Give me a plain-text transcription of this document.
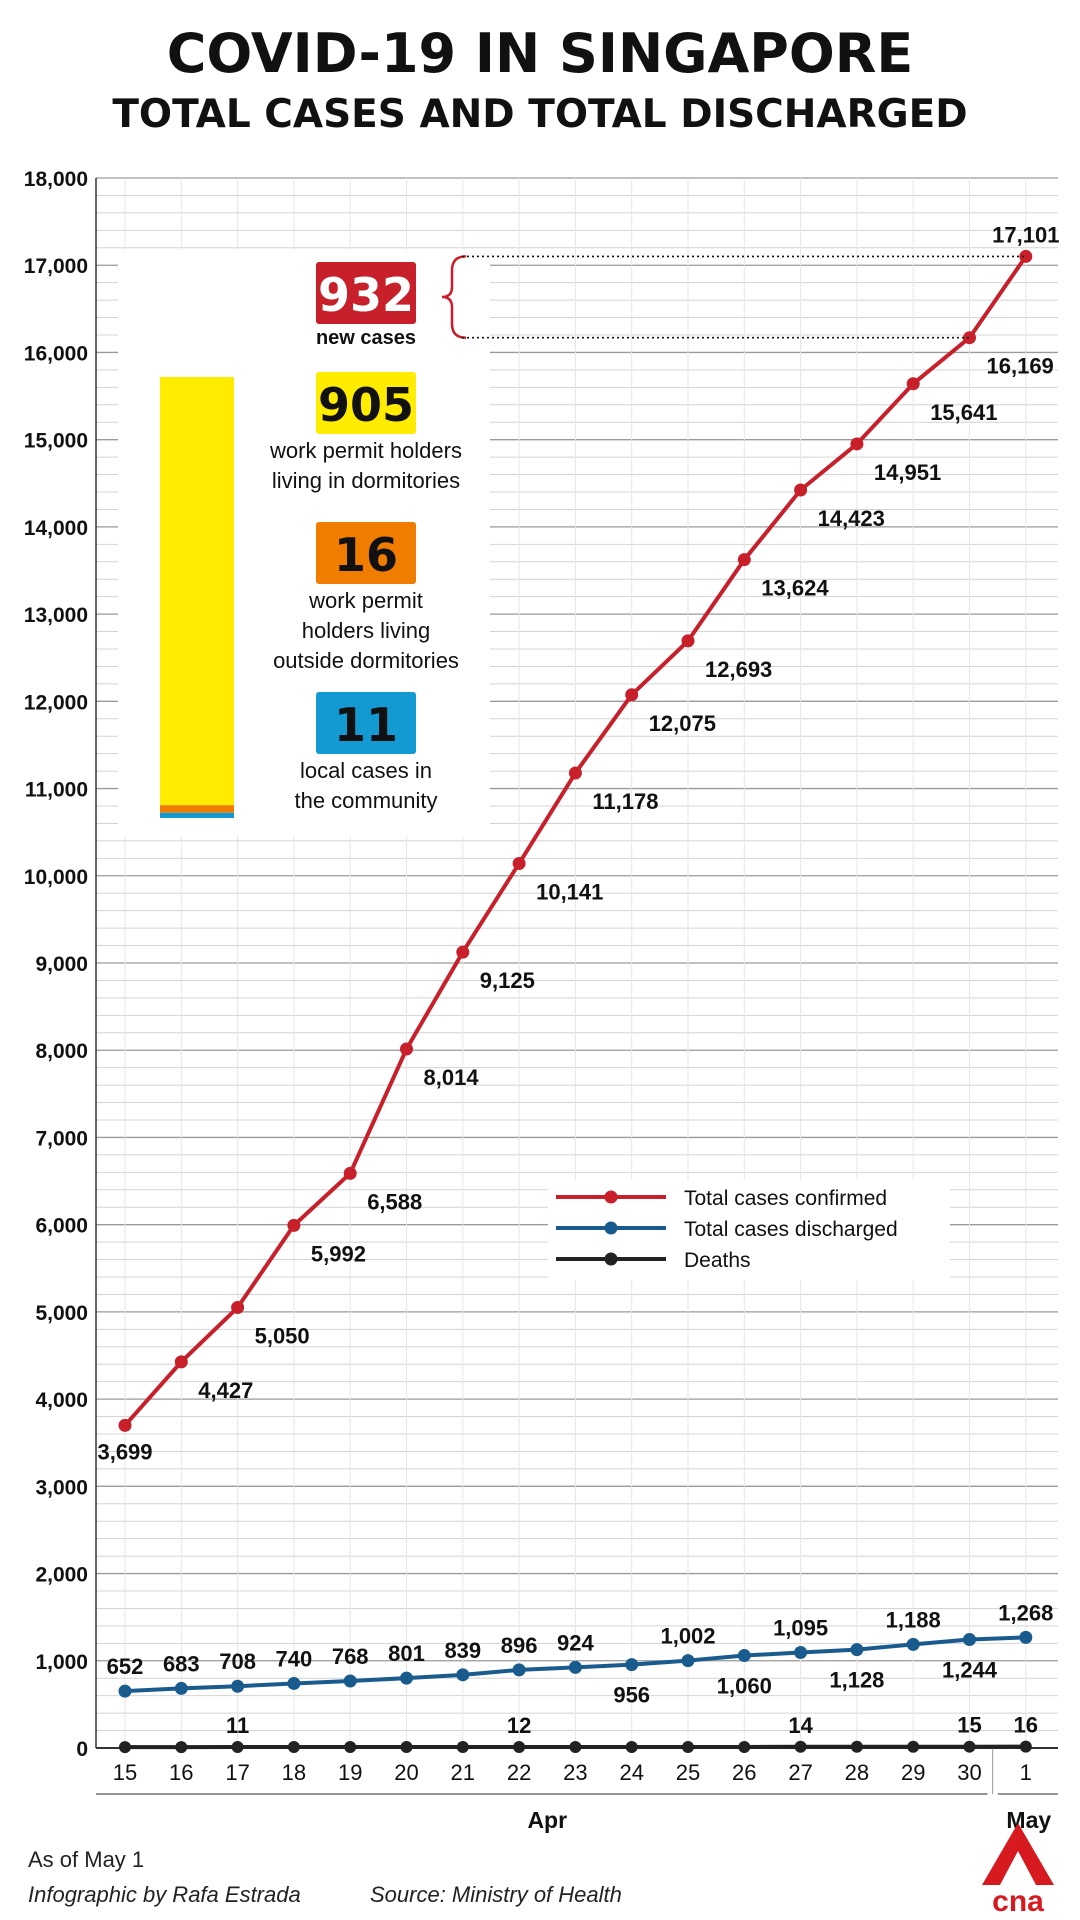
COVID-19 IN SINGAPORE
TOTAL CASES AND TOTAL DISCHARGED
0
1,000
2,000
3,000
4,000
5,000
6,000
7,000
8,000
9,000
10,000
11,000
12,000
13,000
14,000
15,000
16,000
17,000
18,000
15 16 17 18 19 20 21 22 23 24 25 26 27 28 29 30 1
Apr	May
3,699
4,427
5,050
5,992
6,588
8,014
9,125
10,141
11,178
12,075
12,693
13,624
14,423
14,951
15,641
16,169
17,101
652 683 708 740 768 801 839 896 924
956
1,002
1,060
1,095
1,128
1,188
1,244
1,268
11	12	14	15 16
Total cases confirmed
Total cases discharged
Deaths
932
new cases
905
work permit holders
living in dormitories
16
work permit
holders living
outside dormitories
11
local cases in
the community
As of May 1
Infographic by Rafa Estrada	Source: Ministry of Health	cna
